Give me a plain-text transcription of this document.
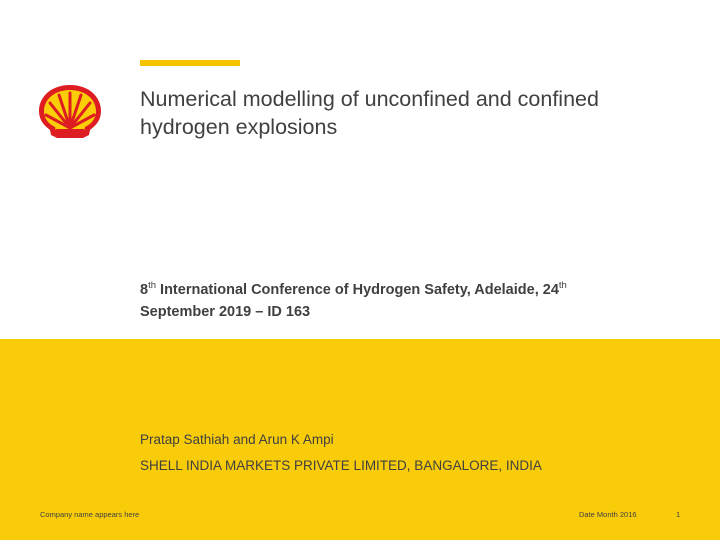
Numerical modelling of unconfined and confined
hydrogen explosions

8th International Conference of Hydrogen Safety, Adelaide, 24th
September 2019 – ID 163

Pratap Sathiah and Arun K Ampi
SHELL INDIA MARKETS PRIVATE LIMITED, BANGALORE, INDIA
Company name appears here	Date Month 2016	1
